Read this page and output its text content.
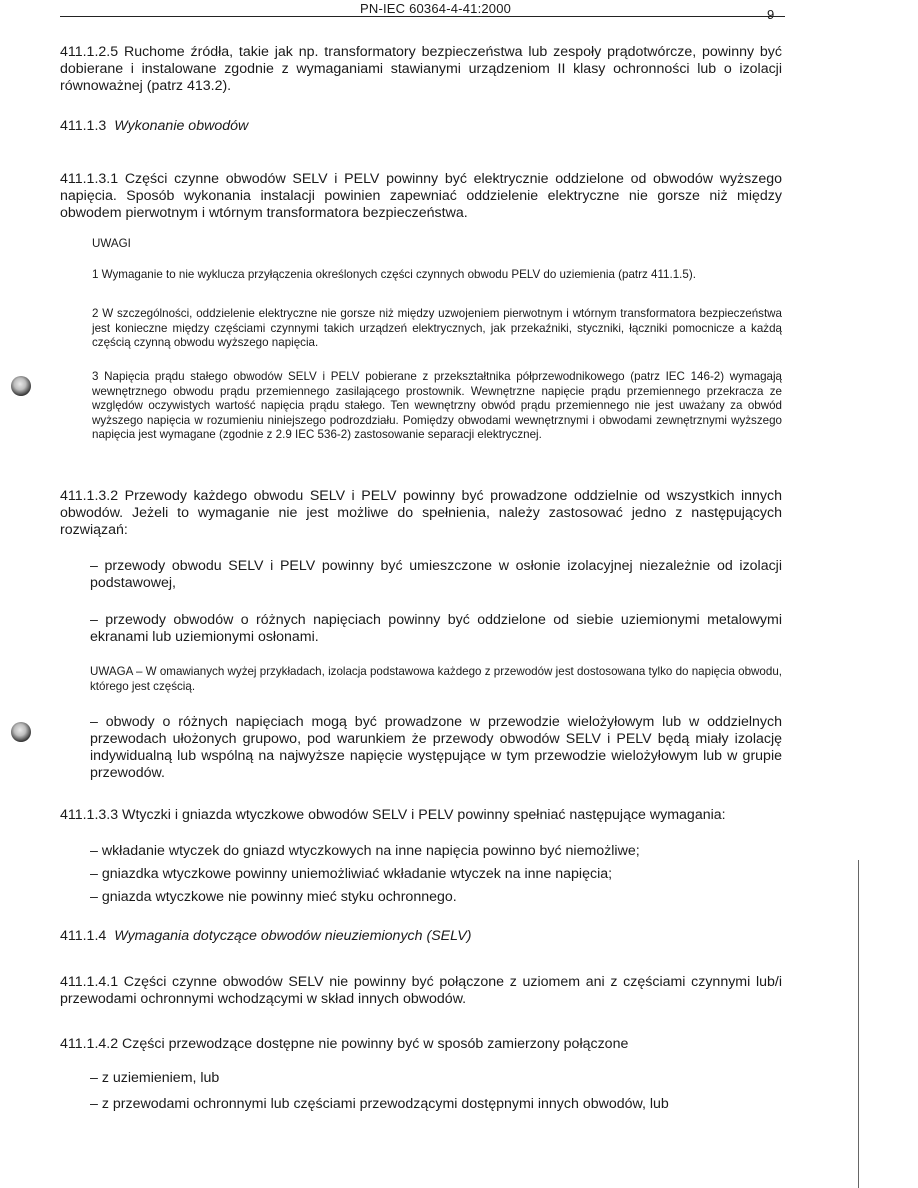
PN-IEC 60364-4-41:2000	9

411.1.2.5 Ruchome źródła, takie jak np. transformatory bezpieczeństwa lub zespoły prądotwórcze, powinny być dobierane i instalowane zgodnie z wymaganiami stawianymi urządzeniom II klasy ochronności lub o izolacji równoważnej (patrz 413.2).

411.1.3 Wykonanie obwodów

411.1.3.1 Części czynne obwodów SELV i PELV powinny być elektrycznie oddzielone od obwodów wyższego napięcia. Sposób wykonania instalacji powinien zapewniać oddzielenie elektryczne nie gorsze niż między obwodem pierwotnym i wtórnym transformatora bezpieczeństwa.

UWAGI

1 Wymaganie to nie wyklucza przyłączenia określonych części czynnych obwodu PELV do uziemienia (patrz 411.1.5).

2 W szczególności, oddzielenie elektryczne nie gorsze niż między uzwojeniem pierwotnym i wtórnym transformatora bezpieczeństwa jest konieczne między częściami czynnymi takich urządzeń elektrycznych, jak przekaźniki, styczniki, łączniki pomocnicze a każdą częścią czynną obwodu wyższego napięcia.

3 Napięcia prądu stałego obwodów SELV i PELV pobierane z przekształtnika półprzewodnikowego (patrz IEC 146-2) wymagają wewnętrznego obwodu prądu przemiennego zasilającego prostownik. Wewnętrzne napięcie prądu przemiennego przekracza ze względów oczywistych wartość napięcia prądu stałego. Ten wewnętrzny obwód prądu przemiennego nie jest uważany za obwód wyższego napięcia w rozumieniu niniejszego podrozdziału. Pomiędzy obwodami wewnętrznymi i obwodami zewnętrznymi wyższego napięcia jest wymagane (zgodnie z 2.9 IEC 536-2) zastosowanie separacji elektrycznej.

411.1.3.2 Przewody każdego obwodu SELV i PELV powinny być prowadzone oddzielnie od wszystkich innych obwodów. Jeżeli to wymaganie nie jest możliwe do spełnienia, należy zastosować jedno z następujących rozwiązań:

– przewody obwodu SELV i PELV powinny być umieszczone w osłonie izolacyjnej niezależnie od izolacji podstawowej,

– przewody obwodów o różnych napięciach powinny być oddzielone od siebie uziemionymi metalowymi ekranami lub uziemionymi osłonami.

UWAGA – W omawianych wyżej przykładach, izolacja podstawowa każdego z przewodów jest dostosowana tylko do napięcia obwodu, którego jest częścią.

– obwody o różnych napięciach mogą być prowadzone w przewodzie wielożyłowym lub w oddzielnych przewodach ułożonych grupowo, pod warunkiem że przewody obwodów SELV i PELV będą miały izolację indywidualną lub wspólną na najwyższe napięcie występujące w tym przewodzie wielożyłowym lub w grupie przewodów.

411.1.3.3 Wtyczki i gniazda wtyczkowe obwodów SELV i PELV powinny spełniać następujące wymagania:

– wkładanie wtyczek do gniazd wtyczkowych na inne napięcia powinno być niemożliwe;

– gniazdka wtyczkowe powinny uniemożliwiać wkładanie wtyczek na inne napięcia;

– gniazda wtyczkowe nie powinny mieć styku ochronnego.

411.1.4 Wymagania dotyczące obwodów nieuziemionych (SELV)

411.1.4.1 Części czynne obwodów SELV nie powinny być połączone z uziomem ani z częściami czynnymi lub/i przewodami ochronnymi wchodzącymi w skład innych obwodów.

411.1.4.2 Części przewodzące dostępne nie powinny być w sposób zamierzony połączone

– z uziemieniem, lub

– z przewodami ochronnymi lub częściami przewodzącymi dostępnymi innych obwodów, lub
